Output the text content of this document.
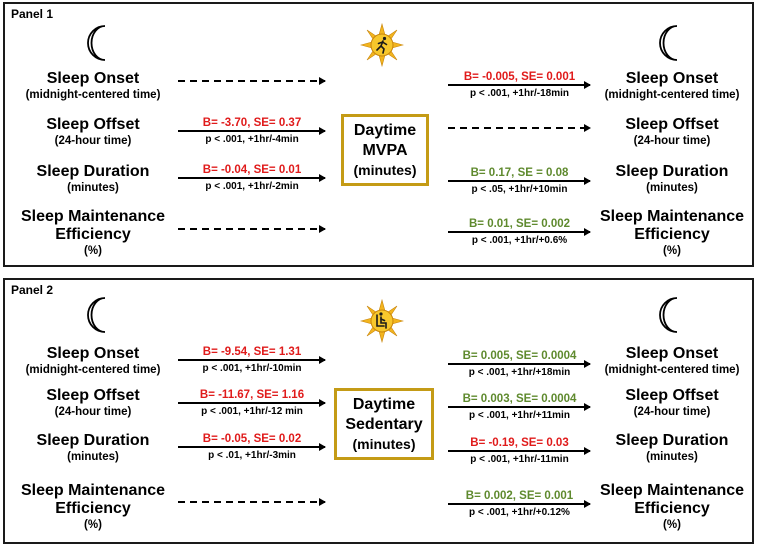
Panel 1
Sleep Onset
(midnight-centered time)
Sleep Offset
(24-hour time)
Sleep Duration
(minutes)
Sleep Maintenance
Efficiency
(%)
Sleep Onset
(midnight-centered time)
Sleep Offset
(24-hour time)
Sleep Duration
(minutes)
Sleep Maintenance
Efficiency
(%)
Daytime
MVPA
(minutes)
B= -3.70, SE= 0.37
p < .001, +1hr/-4min
B= -0.04, SE= 0.01
p < .001, +1hr/-2min
B= -0.005, SE= 0.001
p < .001, +1hr/-18min
B= 0.17, SE = 0.08
p < .05, +1hr/+10min
B= 0.01, SE= 0.002
p < .001, +1hr/+0.6%
Panel 2
Sleep Onset
(midnight-centered time)
Sleep Offset
(24-hour time)
Sleep Duration
(minutes)
Sleep Maintenance
Efficiency
(%)
Sleep Onset
(midnight-centered time)
Sleep Offset
(24-hour time)
Sleep Duration
(minutes)
Sleep Maintenance
Efficiency
(%)
Daytime
Sedentary
(minutes)
B= -9.54, SE= 1.31
p < .001, +1hr/-10min
B= -11.67, SE= 1.16
p < .001, +1hr/-12 min
B= -0.05, SE= 0.02
p < .01, +1hr/-3min
B= 0.005, SE= 0.0004
p < .001, +1hr/+18min
B= 0.003, SE= 0.0004
p < .001, +1hr/+11min
B= -0.19, SE= 0.03
p < .001, +1hr/-11min
B= 0.002, SE= 0.001
p < .001, +1hr/+0.12%
